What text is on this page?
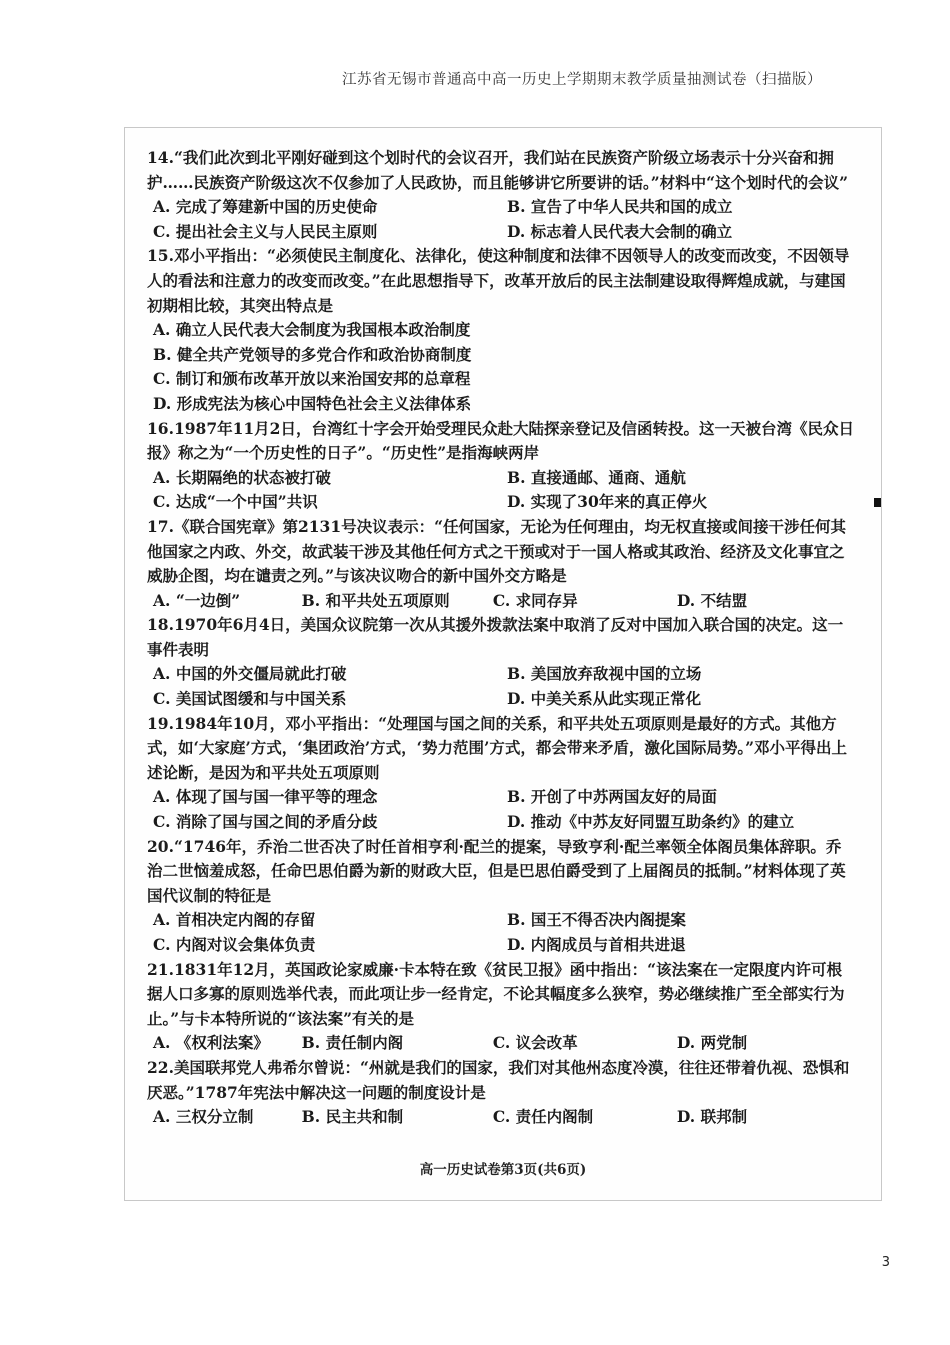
江苏省无锡市普通高中高一历史上学期期末教学质量抽测试卷（扫描版）
14.“我们此次到北平刚好碰到这个划时代的会议召开，我们站在民族资产阶级立场表示十分兴奋和拥护……民族资产阶级这次不仅参加了人民政协，而且能够讲它所要讲的话。”材料中“这个划时代的会议”
A. 完成了筹建新中国的历史使命	B. 宣告了中华人民共和国的成立
C. 提出社会主义与人民民主原则	D. 标志着人民代表大会制的确立
15.邓小平指出：“必须使民主制度化、法律化，使这种制度和法律不因领导人的改变而改变，不因领导人的看法和注意力的改变而改变。”在此思想指导下，改革开放后的民主法制建设取得辉煌成就，与建国初期相比较，其突出特点是
A. 确立人民代表大会制度为我国根本政治制度
B. 健全共产党领导的多党合作和政治协商制度
C. 制订和颁布改革开放以来治国安邦的总章程
D. 形成宪法为核心中国特色社会主义法律体系
16.1987年11月2日，台湾红十字会开始受理民众赴大陆探亲登记及信函转投。这一天被台湾《民众日报》称之为“一个历史性的日子”。“历史性”是指海峡两岸
A. 长期隔绝的状态被打破	B. 直接通邮、通商、通航
C. 达成“一个中国”共识	D. 实现了30年来的真正停火
17.《联合国宪章》第2131号决议表示：“任何国家，无论为任何理由，均无权直接或间接干涉任何其他国家之内政、外交，故武装干涉及其他任何方式之干预或对于一国人格或其政治、经济及文化事宜之威胁企图，均在谴责之列。”与该决议吻合的新中国外交方略是
A. “一边倒”	B. 和平共处五项原则	C. 求同存异	D. 不结盟
18.1970年6月4日，美国众议院第一次从其援外拨款法案中取消了反对中国加入联合国的决定。这一事件表明
A. 中国的外交僵局就此打破	B. 美国放弃敌视中国的立场
C. 美国试图缓和与中国关系	D. 中美关系从此实现正常化
19.1984年10月，邓小平指出：“处理国与国之间的关系，和平共处五项原则是最好的方式。其他方式，如‘大家庭’方式，‘集团政治’方式，‘势力范围’方式，都会带来矛盾，激化国际局势。”邓小平得出上述论断，是因为和平共处五项原则
A. 体现了国与国一律平等的理念	B. 开创了中苏两国友好的局面
C. 消除了国与国之间的矛盾分歧	D. 推动《中苏友好同盟互助条约》的建立
20.“1746年，乔治二世否决了时任首相亨利·配兰的提案，导致亨利·配兰率领全体阁员集体辞职。乔治二世恼羞成怒，任命巴思伯爵为新的财政大臣，但是巴思伯爵受到了上届阁员的抵制。”材料体现了英国代议制的特征是
A. 首相决定内阁的存留	B. 国王不得否决内阁提案
C. 内阁对议会集体负责	D. 内阁成员与首相共进退
21.1831年12月，英国政论家威廉·卡本特在致《贫民卫报》函中指出：“该法案在一定限度内许可根据人口多寡的原则选举代表，而此项让步一经肯定，不论其幅度多么狭窄，势必继续推广至全部实行为止。”与卡本特所说的“该法案”有关的是
A. 《权利法案》	B. 责任制内阁	C. 议会改革	D. 两党制
22.美国联邦党人弗希尔曾说：“州就是我们的国家，我们对其他州态度冷漠，往往还带着仇视、恐惧和厌恶。”1787年宪法中解决这一问题的制度设计是
A. 三权分立制	B. 民主共和制	C. 责任内阁制	D. 联邦制
高一历史试卷第3页(共6页)
3
